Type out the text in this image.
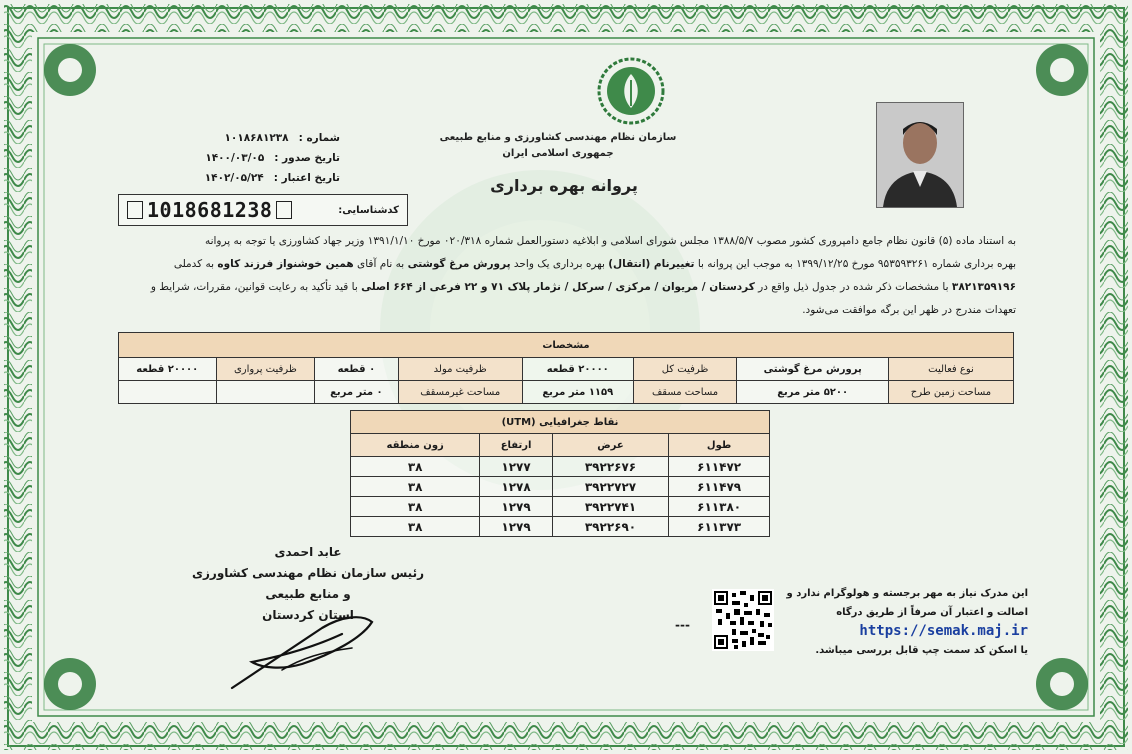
سازمان نظام مهندسی کشاورزی و منابع طبیعی
جمهوری اسلامی ایران
پروانه بهره برداری
شماره :
۱۰۱۸۶۸۱۲۳۸
تاریخ صدور :
۱۴۰۰/۰۳/۰۵
تاریخ اعتبار :
۱۴۰۲/۰۵/۲۴
کدشناسایی:
1018681238
به استناد ماده (۵) قانون نظام جامع دامپروری کشور مصوب ۱۳۸۸/۵/۷ مجلس شورای اسلامی و ابلاغیه دستورالعمل شماره ۰۲۰/۳۱۸ مورخ ۱۳۹۱/۱/۱۰ وزیر جهاد کشاورزی یا توجه به پروانه
بهره برداری شماره ۹۵۳۵۹۳۲۶۱ مورخ ۱۳۹۹/۱۲/۲۵ به موجب این پروانه با تغییرنام (انتقال) بهره برداری یک واحد پرورش مرغ گوشتی به نام آقای همین خوشنواز فرزند کاوه به کدملی
۳۸۲۱۳۵۹۱۹۶ با مشخصات ذکر شده در جدول ذیل واقع در کردستان / مریوان / مرکزی / سرکل / نژمار پلاک ۷۱ و ۲۲ فرعی از ۶۶۴ اصلی با قید تأکید به رعایت قوانین، مقررات، شرایط و
تعهدات مندرج در ظهر این برگه موافقت می‌شود.
مشخصات							
نوع فعالیت	پرورش مرغ گوشتی	ظرفیت کل	۲۰۰۰۰ قطعه	ظرفیت مولد	۰ قطعه	ظرفیت پرواری	۲۰۰۰۰ قطعه
مساحت زمین طرح	۵۲۰۰ متر مربع	مساحت مسقف	۱۱۵۹ متر مربع	مساحت غیرمسقف	۰ متر مربع		
نقاط جغرافیایی (UTM)			
طول	عرض	ارتفاع	زون منطقه
۶۱۱۴۷۲	۳۹۲۲۶۷۶	۱۲۷۷	۳۸
۶۱۱۴۷۹	۳۹۲۲۷۲۷	۱۲۷۸	۳۸
۶۱۱۳۸۰	۳۹۲۲۷۴۱	۱۲۷۹	۳۸
۶۱۱۳۷۳	۳۹۲۲۶۹۰	۱۲۷۹	۳۸
عابد احمدی
رئیس سازمان نظام مهندسی کشاورزی و منابع طبیعی
استان کردستان
---
این مدرک نیاز به مهر برجسته و هولوگرام ندارد و
اصالت و اعتبار آن صرفاً از طریق درگاه
https://semak.maj.ir
یا اسکن کد سمت چپ قابل بررسی میباشد.
